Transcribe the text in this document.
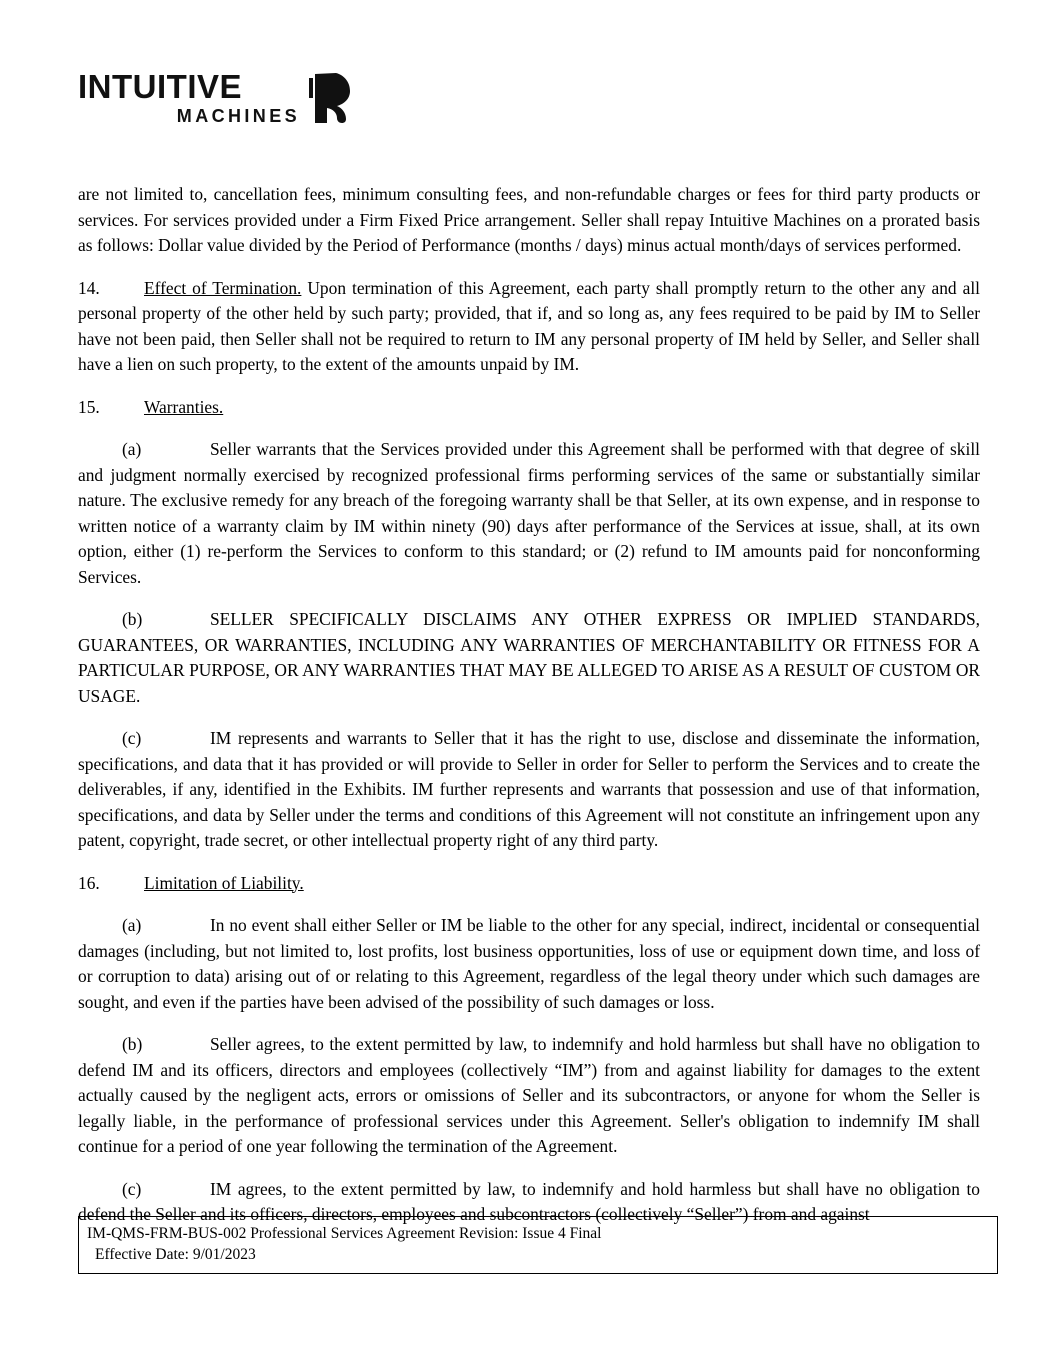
INTUITIVE
MACHINES

are not limited to, cancellation fees, minimum consulting fees, and non-refundable charges or fees for third party products or services. For services provided under a Firm Fixed Price arrangement. Seller shall repay Intuitive Machines on a prorated basis as follows: Dollar value divided by the Period of Performance (months / days) minus actual month/days of services performed.

14.	Effect of Termination. Upon termination of this Agreement, each party shall promptly return to the other any and all personal property of the other held by such party; provided, that if, and so long as, any fees required to be paid by IM to Seller have not been paid, then Seller shall not be required to return to IM any personal property of IM held by Seller, and Seller shall have a lien on such property, to the extent of the amounts unpaid by IM.

15.	Warranties.

(a)	Seller warrants that the Services provided under this Agreement shall be performed with that degree of skill and judgment normally exercised by recognized professional firms performing services of the same or substantially similar nature. The exclusive remedy for any breach of the foregoing warranty shall be that Seller, at its own expense, and in response to written notice of a warranty claim by IM within ninety (90) days after performance of the Services at issue, shall, at its own option, either (1) re-perform the Services to conform to this standard; or (2) refund to IM amounts paid for nonconforming Services.

(b)	SELLER SPECIFICALLY DISCLAIMS ANY OTHER EXPRESS OR IMPLIED STANDARDS, GUARANTEES, OR WARRANTIES, INCLUDING ANY WARRANTIES OF MERCHANTABILITY OR FITNESS FOR A PARTICULAR PURPOSE, OR ANY WARRANTIES THAT MAY BE ALLEGED TO ARISE AS A RESULT OF CUSTOM OR USAGE.

(c)	IM represents and warrants to Seller that it has the right to use, disclose and disseminate the information, specifications, and data that it has provided or will provide to Seller in order for Seller to perform the Services and to create the deliverables, if any, identified in the Exhibits. IM further represents and warrants that possession and use of that information, specifications, and data by Seller under the terms and conditions of this Agreement will not constitute an infringement upon any patent, copyright, trade secret, or other intellectual property right of any third party.

16.	Limitation of Liability.

(a)	In no event shall either Seller or IM be liable to the other for any special, indirect, incidental or consequential damages (including, but not limited to, lost profits, lost business opportunities, loss of use or equipment down time, and loss of or corruption to data) arising out of or relating to this Agreement, regardless of the legal theory under which such damages are sought, and even if the parties have been advised of the possibility of such damages or loss.

(b)	Seller agrees, to the extent permitted by law, to indemnify and hold harmless but shall have no obligation to defend IM and its officers, directors and employees (collectively “IM”) from and against liability for damages to the extent actually caused by the negligent acts, errors or omissions of Seller and its subcontractors, or anyone for whom the Seller is legally liable, in the performance of professional services under this Agreement. Seller's obligation to indemnify IM shall continue for a period of one year following the termination of the Agreement.

(c)	IM agrees, to the extent permitted by law, to indemnify and hold harmless but shall have no obligation to defend the Seller and its officers, directors, employees and subcontractors (collectively “Seller”) from and against

IM-QMS-FRM-BUS-002 Professional Services Agreement Revision: Issue 4 Final
Effective Date: 9/01/2023
